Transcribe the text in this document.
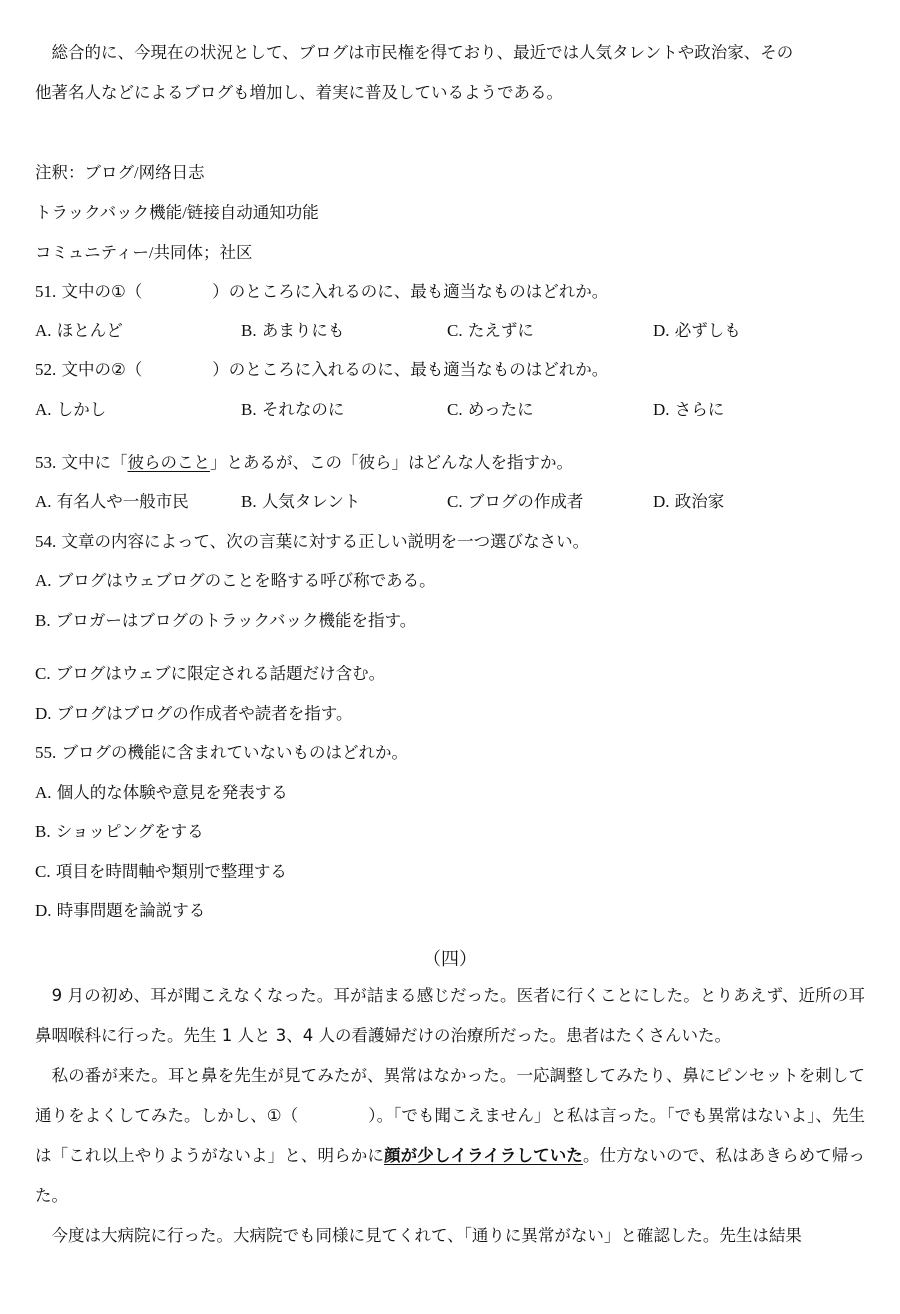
　総合的に、今現在の状況として、ブログは市民権を得ており、最近では人気タレントや政治家、その
他著名人などによるブログも増加し、着実に普及しているようである。
注釈：ブログ/网络日志
トラックバック機能/链接自动通知功能
コミュニティー/共同体；社区
51. 文中の①（	）のところに入れるのに、最も適当なものはどれか。
A. ほとんど	B. あまりにも	C. たえずに	D. 必ずしも
52. 文中の②（	）のところに入れるのに、最も適当なものはどれか。
A. しかし	B. それなのに	C. めったに	D. さらに
53. 文中に「彼らのこと」とあるが、この「彼ら」はどんな人を指すか。
A. 有名人や一般市民	B. 人気タレント	C. ブログの作成者	D. 政治家
54. 文章の内容によって、次の言葉に対する正しい説明を一つ選びなさい。
A. ブログはウェブログのことを略する呼び称である。
B. ブロガーはブログのトラックバック機能を指す。
C. ブログはウェブに限定される話題だけ含む。
D. ブログはブログの作成者や読者を指す。
55. ブログの機能に含まれていないものはどれか。
A. 個人的な体験や意見を発表する
B. ショッピングをする
C. 項目を時間軸や類別で整理する
D. 時事問題を論説する
（四）
　9 月の初め、耳が聞こえなくなった。耳が詰まる感じだった。医者に行くことにした。とりあえず、近所の耳鼻咽喉科に行った。先生 1 人と 3、4 人の看護婦だけの治療所だった。患者はたくさんいた。
　私の番が来た。耳と鼻を先生が見てみたが、異常はなかった。一応調整してみたり、鼻にピンセットを刺して通りをよくしてみた。しかし、①（	）。「でも聞こえません」と私は言った。「でも異常はないよ」、先生は「これ以上やりようがないよ」と、明らかに顔が少しイライラしていた。仕方ないので、私はあきらめて帰った。
　今度は大病院に行った。大病院でも同様に見てくれて、「通りに異常がない」と確認した。先生は結果
